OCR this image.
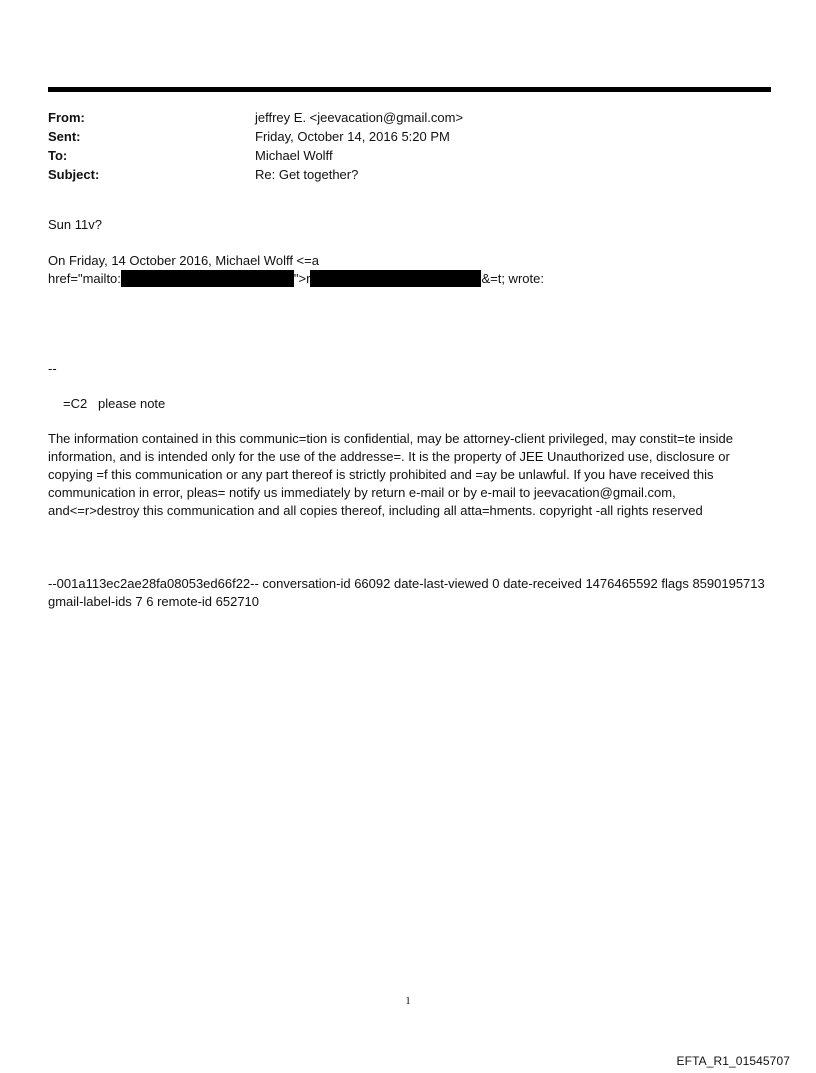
From:	jeffrey E. <jeevacation@gmail.com>
Sent:	Friday, October 14, 2016 5:20 PM
To:	Michael Wolff
Subject:	Re: Get together?

Sun 11v?

On Friday, 14 October 2016, Michael Wolff <=a

href="mailto:	">r	&=t; wrote:

--

=C2   please note

The information contained in this communic=tion is confidential, may be attorney-client privileged, may constit=te inside information, and is intended only for the use of the addresse=. It is the property of JEE Unauthorized use, disclosure or copying =f this communication or any part thereof is strictly prohibited and =ay be unlawful. If you have received this communication in error, pleas= notify us immediately by return e-mail or by e-mail to jeevacation@gmail.com, and<=r>destroy this communication and all copies thereof, including all atta=hments. copyright -all rights reserved

--001a113ec2ae28fa08053ed66f22-- conversation-id 66092 date-last-viewed 0 date-received 1476465592 flags 8590195713 gmail-label-ids 7 6 remote-id 652710

1
EFTA_R1_01545707
